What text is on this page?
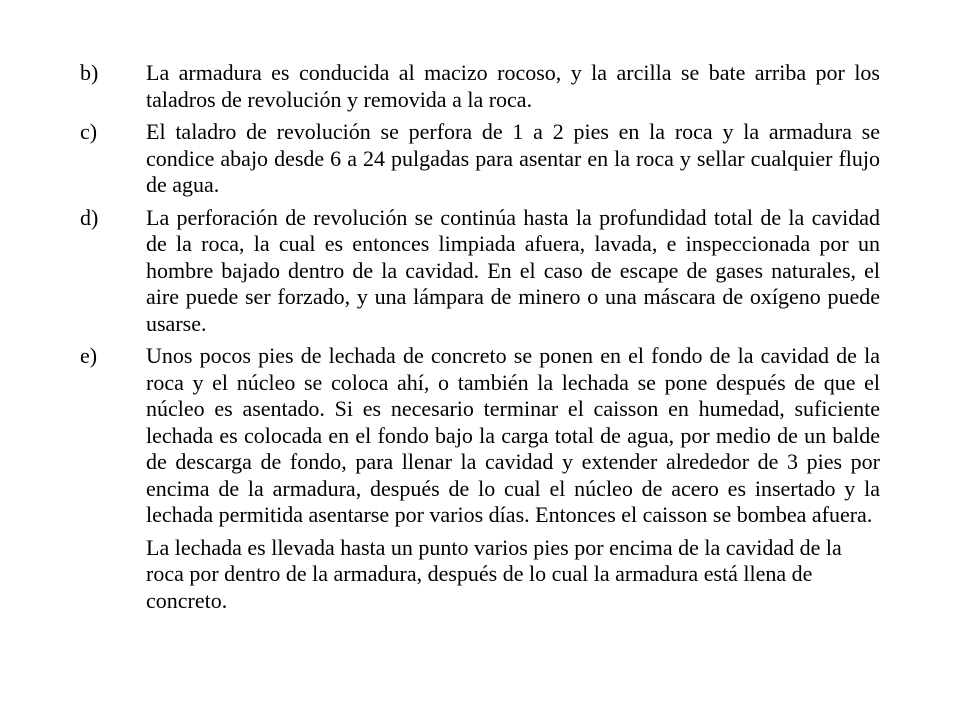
b)	La armadura es conducida al macizo rocoso, y la arcilla se bate arriba por los taladros de revolución y removida a la roca.

c)	El taladro de revolución se perfora de 1 a 2 pies en la roca y la armadura se condice abajo desde 6 a 24 pulgadas para asentar en la roca y sellar cualquier flujo de agua.

d)	La perforación de revolución se continúa hasta la profundidad total de la cavidad de la roca, la cual es entonces limpiada afuera, lavada, e inspeccionada por un hombre bajado dentro de la cavidad. En el caso de escape de gases naturales, el aire puede ser forzado, y una lámpara de minero o una máscara de oxígeno puede usarse.

e)	Unos pocos pies de lechada de concreto se ponen en el fondo de la cavidad de la roca y el núcleo se coloca ahí, o también la lechada se pone después de que el núcleo es asentado. Si es necesario terminar el caisson en humedad, suficiente lechada es colocada en el fondo bajo la carga total de agua, por medio de un balde de descarga de fondo, para llenar la cavidad y extender alrededor de 3 pies por encima de la armadura, después de lo cual el núcleo de acero es insertado y la lechada permitida asentarse por varios días. Entonces el caisson se bombea afuera.

La lechada es llevada hasta un punto varios pies por encima de la cavidad de la roca por dentro de la armadura, después de lo cual la armadura está llena de concreto.
